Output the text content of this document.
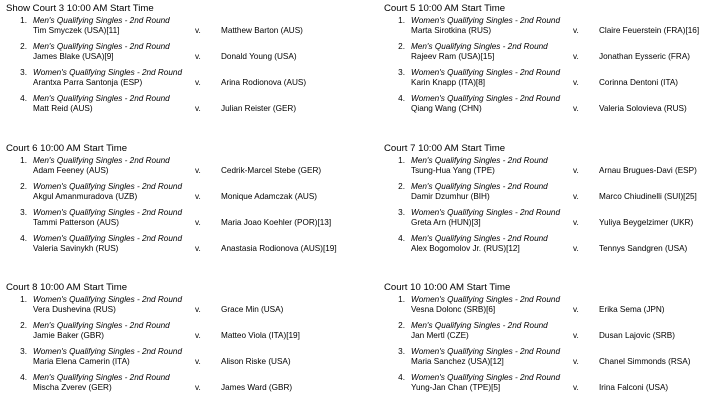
Show Court 3 10:00 AM Start Time
1. Men's Qualifying Singles - 2nd Round
Tim Smyczek (USA)[11]	v. Matthew Barton (AUS)
2. Men's Qualifying Singles - 2nd Round
James Blake (USA)[9]	v. Donald Young (USA)
3. Women's Qualifying Singles - 2nd Round
Arantxa Parra Santonja (ESP)	v. Arina Rodionova (AUS)
4. Men's Qualifying Singles - 2nd Round
Matt Reid (AUS)	v. Julian Reister (GER)
Court 5 10:00 AM Start Time
1. Women's Qualifying Singles - 2nd Round
Marta Sirotkina (RUS)	v. Claire Feuerstein (FRA)[16]
2. Men's Qualifying Singles - 2nd Round
Rajeev Ram (USA)[15]	v. Jonathan Eysseric (FRA)
3. Women's Qualifying Singles - 2nd Round
Karin Knapp (ITA)[8]	v. Corinna Dentoni (ITA)
4. Women's Qualifying Singles - 2nd Round
Qiang Wang (CHN)	v. Valeria Solovieva (RUS)
Court 6 10:00 AM Start Time
1. Men's Qualifying Singles - 2nd Round
Adam Feeney (AUS)	v. Cedrik-Marcel Stebe (GER)
2. Women's Qualifying Singles - 2nd Round
Akgul Amanmuradova (UZB)	v. Monique Adamczak (AUS)
3. Women's Qualifying Singles - 2nd Round
Tammi Patterson (AUS)	v. Maria Joao Koehler (POR)[13]
4. Women's Qualifying Singles - 2nd Round
Valeria Savinykh (RUS)	v. Anastasia Rodionova (AUS)[19]
Court 7 10:00 AM Start Time
1. Men's Qualifying Singles - 2nd Round
Tsung-Hua Yang (TPE)	v. Arnau Brugues-Davi (ESP)
2. Men's Qualifying Singles - 2nd Round
Damir Dzumhur (BIH)	v. Marco Chiudinelli (SUI)[25]
3. Women's Qualifying Singles - 2nd Round
Greta Arn (HUN)[3]	v. Yuliya Beygelzimer (UKR)
4. Men's Qualifying Singles - 2nd Round
Alex Bogomolov Jr. (RUS)[12]	v. Tennys Sandgren (USA)
Court 8 10:00 AM Start Time
1. Women's Qualifying Singles - 2nd Round
Vera Dushevina (RUS)	v. Grace Min (USA)
2. Men's Qualifying Singles - 2nd Round
Jamie Baker (GBR)	v. Matteo Viola (ITA)[19]
3. Women's Qualifying Singles - 2nd Round
Maria Elena Camerin (ITA)	v. Alison Riske (USA)
4. Men's Qualifying Singles - 2nd Round
Mischa Zverev (GER)	v. James Ward (GBR)
Court 10 10:00 AM Start Time
1. Women's Qualifying Singles - 2nd Round
Vesna Dolonc (SRB)[6]	v. Erika Sema (JPN)
2. Men's Qualifying Singles - 2nd Round
Jan Mertl (CZE)	v. Dusan Lajovic (SRB)
3. Women's Qualifying Singles - 2nd Round
Maria Sanchez (USA)[12]	v. Chanel Simmonds (RSA)
4. Women's Qualifying Singles - 2nd Round
Yung-Jan Chan (TPE)[5]	v. Irina Falconi (USA)
